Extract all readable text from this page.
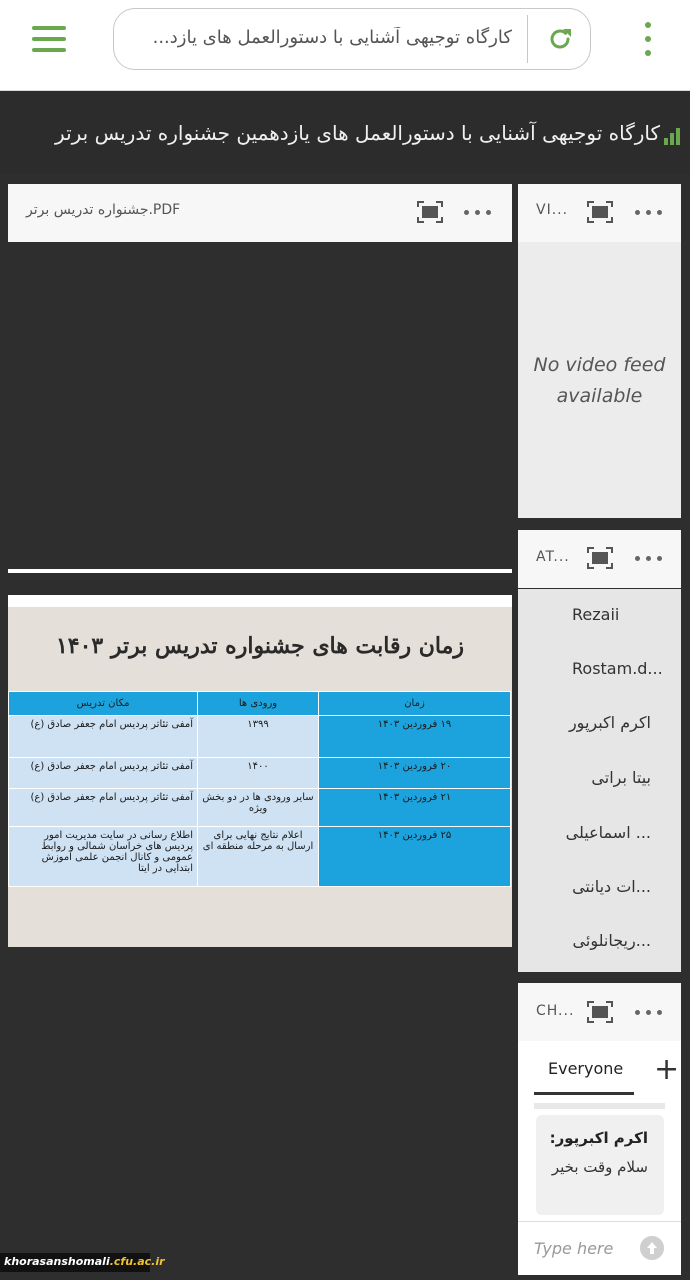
کارگاه توجیهی آشنایی با دستورالعمل های یازد...
کارگاه توجیهی آشنایی با دستورالعمل های یازدهمین جشنواره تدریس برتر
جشنواره تدریس برتر.PDF
زمان رقابت های جشنواره تدریس برتر ۱۴۰۳
زمان	ورودی ها	مکان تدریس
۱۹ فروردین ۱۴۰۳	۱۳۹۹	آمفی تئاتر پردیس امام جعفر صادق (ع)
۲۰ فروردین ۱۴۰۳	۱۴۰۰	آمفی تئاتر پردیس امام جعفر صادق (ع)
۲۱ فروردین ۱۴۰۳	سایر ورودی ها در دو بخش ویژه	آمفی تئاتر پردیس امام جعفر صادق (ع)
۲۵ فروردین ۱۴۰۳	اعلام نتایج نهایی برای ارسال به مرحله منطقه ای	اطلاع رسانی در سایت مدیریت امور پردیس های خراسان شمالی و روابط عمومی و کانال انجمن علمی آموزش ابتدایی در ایتا
VI...
No video feed available
AT...
Rezaii
Rostam.d...
اکرم اکبرپور
بیتا براتی
... اسماعیلی
...ات دیانتی
...ریجانلوئی
CH...
Everyone +
اکرم اکبرپور:
سلام وقت بخیر
Type here
khorasanshomali.cfu.ac.ir
